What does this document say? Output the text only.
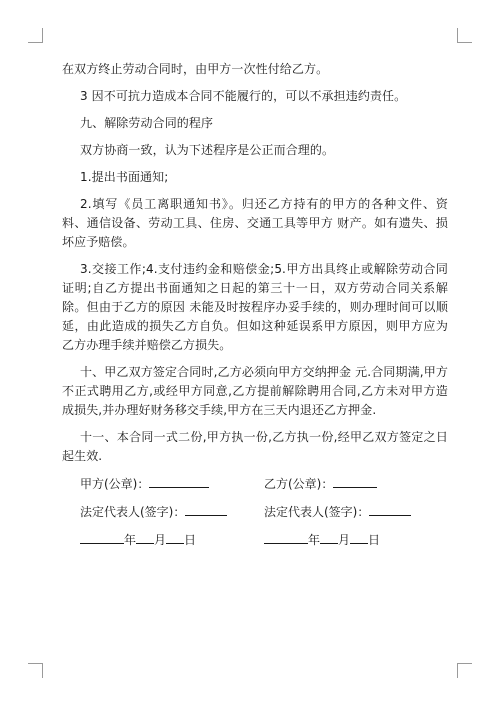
在双方终止劳动合同时，由甲方一次性付给乙方。

3 因不可抗力造成本合同不能履行的，可以不承担违约责任。

九、解除劳动合同的程序

双方协商一致，认为下述程序是公正而合理的。

1.提出书面通知;

2.填写《员工离职通知书》。归还乙方持有的甲方的各种文件、资料、通信设备、劳动工具、住房、交通工具等甲方 财产。如有遗失、损坏应予赔偿。

3.交接工作;4.支付违约金和赔偿金;5.甲方出具终止或解除劳动合同证明;自乙方提出书面通知之日起的第三十一日，双方劳动合同关系解除。但由于乙方的原因 未能及时按程序办妥手续的，则办理时间可以顺延，由此造成的损失乙方自负。但如这种延误系甲方原因，则甲方应为乙方办理手续并赔偿乙方损失。

十、甲乙双方签定合同时,乙方必须向甲方交纳押金 元.合同期满,甲方不正式聘用乙方,或经甲方同意,乙方提前解除聘用合同,乙方未对甲方造成损失,并办理好财务移交手续,甲方在三天内退还乙方押金.

十一、本合同一式二份,甲方执一份,乙方执一份,经甲乙双方签定之日起生效.

甲方(公章)：	乙方(公章)：
法定代表人(签字)：	法定代表人(签字)：
年 月 日	年 月 日
